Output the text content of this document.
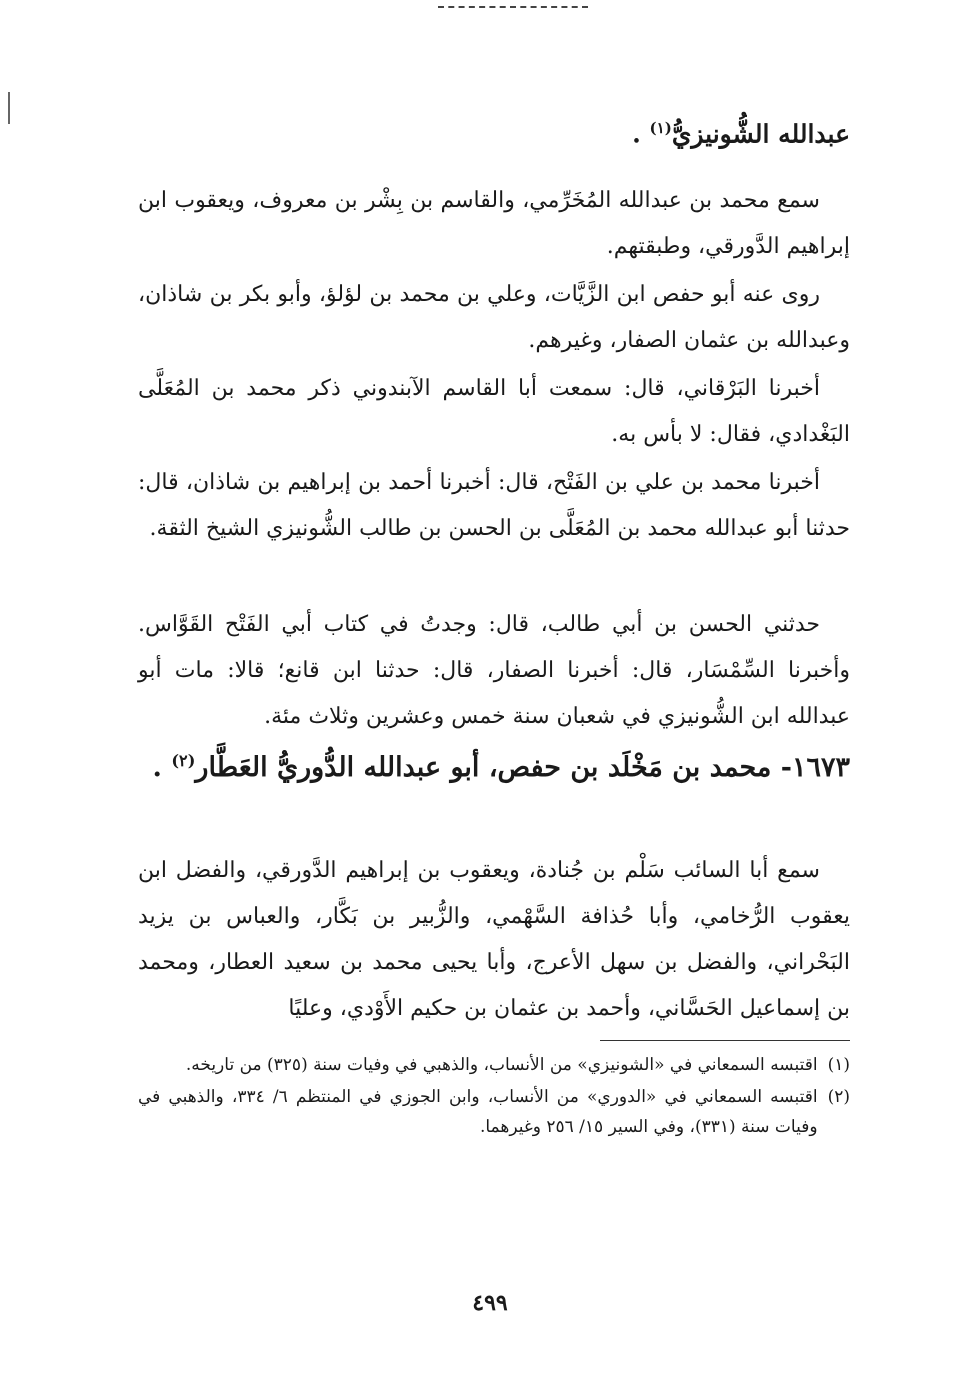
عبدالله الشُّونيزيُّ$^{(١)}$ .

سمع محمد بن عبدالله المُخَرِّمي، والقاسم بن بِشْر بن معروف، ويعقوب ابن إبراهيم الدَّورقي، وطبقتهم.

روى عنه أبو حفص ابن الزَّيَّات، وعلي بن محمد بن لؤلؤ، وأبو بكر بن شاذان، وعبدالله بن عثمان الصفار، وغيرهم.

أخبرنا البَرْقاني، قال: سمعت أبا القاسم الآبندوني ذكر محمد بن المُعَلَّى البَغْدادي، فقال: لا بأس به.

أخبرنا محمد بن علي بن الفَتْح، قال: أخبرنا أحمد بن إبراهيم بن شاذان، قال: حدثنا أبو عبدالله محمد بن المُعَلَّى بن الحسن بن طالب الشُّونيزي الشيخ الثقة.

حدثني الحسن بن أبي طالب، قال: وجدتُ في كتاب أبي الفَتْح القَوَّاس. وأخبرنا السِّمْسَار، قال: أخبرنا الصفار، قال: حدثنا ابن قانع؛ قالا: مات أبو عبدالله ابن الشُّونيزي في شعبان سنة خمس وعشرين وثلاث مئة.

١٦٧٣- محمد بن مَخْلَد بن حفص، أبو عبدالله الدُّوريُّ العَطَّار$^{(٢)}$ .

سمع أبا السائب سَلْم بن جُنادة، ويعقوب بن إبراهيم الدَّورقي، والفضل ابن يعقوب الرُّخامي، وأبا حُذافة السَّهْمي، والزُّبير بن بَكَّار، والعباس بن يزيد البَحْراني، والفضل بن سهل الأعرج، وأبا يحيى محمد بن سعيد العطار، ومحمد بن إسماعيل الحَسَّاني، وأحمد بن عثمان بن حكيم الأَوْدي، وعليًا

(١)
اقتبسه السمعاني في «الشونيزي» من الأنساب، والذهبي في وفيات سنة (٣٢٥) من تاريخه.
(٢)
اقتبسه السمعاني في «الدوري» من الأنساب، وابن الجوزي في المنتظم ٦/ ٣٣٤، والذهبي في وفيات سنة (٣٣١)، وفي السير ١٥/ ٢٥٦ وغيرهما.
٤٩٩
